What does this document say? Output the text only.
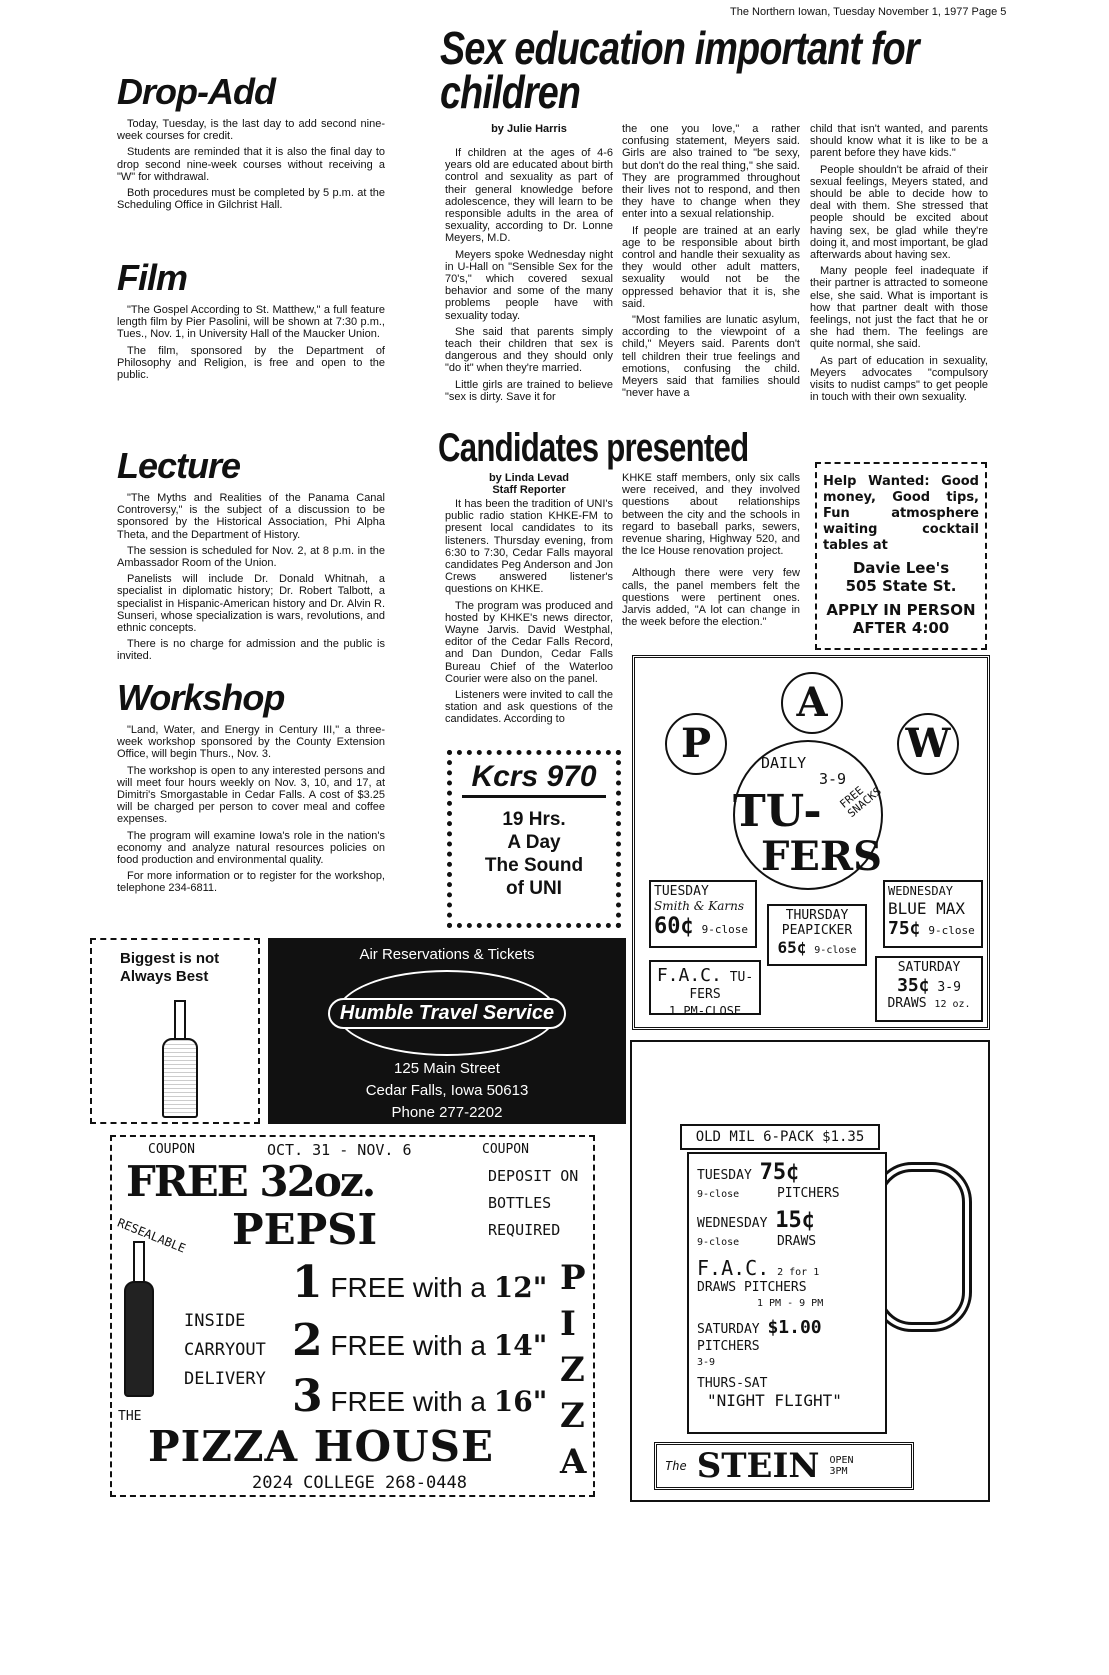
The Northern Iowan, Tuesday November 1, 1977 Page 5
Sex education important for children
by Julie Harris

If children at the ages of 4-6 years old are educated about birth control and sexuality as part of their general knowledge before adolescence, they will learn to be responsible adults in the area of sexuality, according to Dr. Lonne Meyers, M.D.

Meyers spoke Wednesday night in U-Hall on "Sensible Sex for the 70's," which covered sexual behavior and some of the many problems people have with sexuality today.

She said that parents simply teach their children that sex is dangerous and they should only "do it" when they're married.

Little girls are trained to believe "sex is dirty. Save it for

the one you love," a rather confusing statement, Meyers said. Girls are also trained to "be sexy, but don't do the real thing," she said. They are programmed throughout their lives not to respond, and then they have to change when they enter into a sexual relationship.

If people are trained at an early age to be responsible about birth control and handle their sexuality as they would other adult matters, sexuality would not be the oppressed behavior that it is, she said.

"Most families are lunatic asylum, according to the viewpoint of a child," Meyers said. Parents don't tell children their true feelings and emotions, confusing the child. Meyers said that families should "never have a

child that isn't wanted, and parents should know what it is like to be a parent before they have kids."

People shouldn't be afraid of their sexual feelings, Meyers stated, and should be able to decide how to deal with them. She stressed that people should be excited about having sex, be glad while they're doing it, and most important, be glad afterwards about having sex.

Many people feel inadequate if their partner is attracted to someone else, she said. What is important is how that partner dealt with those feelings, not just the fact that he or she had them. The feelings are quite normal, she said.

As part of education in sexuality, Meyers advocates "compulsory visits to nudist camps" to get people in touch with their own sexuality.

Drop-Add

Today, Tuesday, is the last day to add second nine-week courses for credit.

Students are reminded that it is also the final day to drop second nine-week courses without receiving a "W" for withdrawal.

Both procedures must be completed by 5 p.m. at the Scheduling Office in Gilchrist Hall.

Film

"The Gospel According to St. Matthew," a full feature length film by Pier Pasolini, will be shown at 7:30 p.m., Tues., Nov. 1, in University Hall of the Maucker Union.

The film, sponsored by the Department of Philosophy and Religion, is free and open to the public.

Lecture

"The Myths and Realities of the Panama Canal Controversy," is the subject of a discussion to be sponsored by the Historical Association, Phi Alpha Theta, and the Department of History.

The session is scheduled for Nov. 2, at 8 p.m. in the Ambassador Room of the Union.

Panelists will include Dr. Donald Whitnah, a specialist in diplomatic history; Dr. Robert Talbott, a specialist in Hispanic-American history and Dr. Alvin R. Sunseri, whose specialization is wars, revolutions, and ethnic concepts.

There is no charge for admission and the public is invited.

Workshop

"Land, Water, and Energy in Century III," a three-week workshop sponsored by the County Extension Office, will begin Thurs., Nov. 3.

The workshop is open to any interested persons and will meet four hours weekly on Nov. 3, 10, and 17, at Dimitri's Smorgastable in Cedar Falls. A cost of $3.25 will be charged per person to cover meal and coffee expenses.

The program will examine Iowa's role in the nation's economy and analyze natural resources policies on food production and environmental quality.

For more information or to register for the workshop, telephone 234-6811.

Candidates presented
by Linda Levad
Staff Reporter

It has been the tradition of UNI's public radio station KHKE-FM to present local candidates to its listeners. Thursday evening, from 6:30 to 7:30, Cedar Falls mayoral candidates Peg Anderson and Jon Crews answered listener's questions on KHKE.

The program was produced and hosted by KHKE's news director, Wayne Jarvis. David Westphal, editor of the Cedar Falls Record, and Dan Dundon, Cedar Falls Bureau Chief of the Waterloo Courier were also on the panel.

Listeners were invited to call the station and ask questions of the candidates. According to

KHKE staff members, only six calls were received, and they involved questions about relationships between the city and the schools in regard to baseball parks, sewers, revenue sharing, Highway 520, and the Ice House renovation project.

Although there were very few calls, the panel members felt the questions were pertinent ones. Jarvis added, "A lot can change in the week before the election."

Help Wanted: Good money, Good tips, Fun atmosphere waiting cocktail tables at
Davie Lee's
505 State St.
APPLY IN PERSON
AFTER 4:00
Kcrs 970
19 Hrs.
A Day
The Sound
of UNI
P
A
W
DAILY
3-9
TU- FREE SNACKS
FERS
TUESDAY
Smith & Karns
60¢ 9-close
WEDNESDAY
BLUE MAX
75¢ 9-close
THURSDAY
PEAPICKER
65¢ 9-close
F.A.C. TU-FERS
1 PM-CLOSE
SATURDAY
35¢ 3-9
DRAWS 12 oz.
Biggest is not Always Best
Air Reservations & Tickets
Humble Travel Service
125 Main Street
Cedar Falls, Iowa 50613
Phone 277-2202
OLD MIL 6-PACK $1.35
TUESDAY 75¢
9-close	PITCHERS
WEDNESDAY 15¢
9-close	DRAWS
F.A.C. 2 for 1
DRAWS PITCHERS
1 PM - 9 PM
SATURDAY $1.00 PITCHERS
3-9
THURS-SAT
"NIGHT FLIGHT"
The STEIN OPEN 3PM
COUPON	OCT. 31 - NOV. 6	COUPON
FREE 32oz.
PEPSI
DEPOSIT ON
BOTTLES
REQUIRED
RESEALABLE
INSIDE
CARRYOUT
DELIVERY
1 FREE with a 12"
2 FREE with a 14"
3 FREE with a 16"
PIZZA
THE
PIZZA HOUSE
2024 COLLEGE 268-0448
